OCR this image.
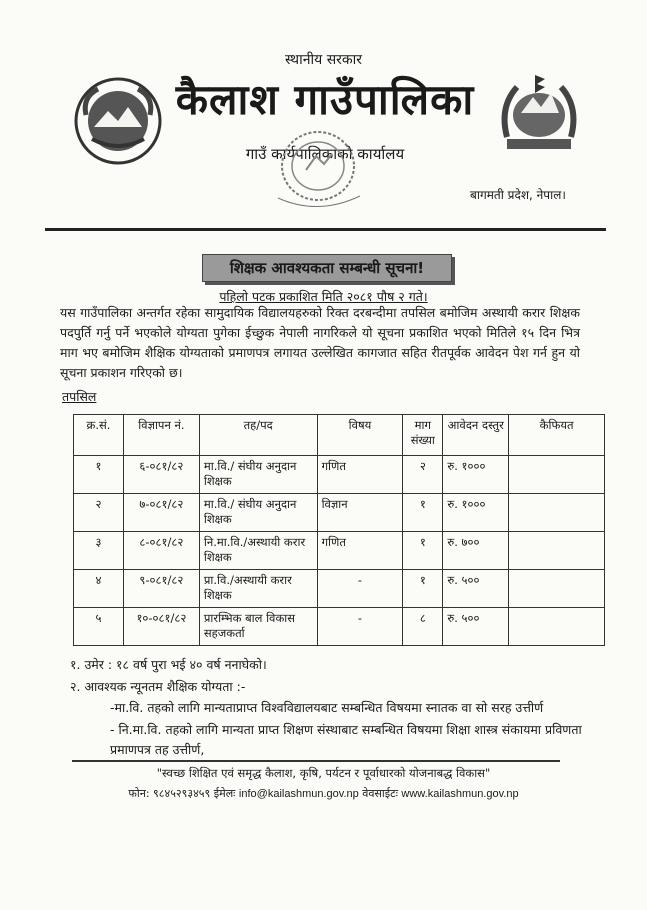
स्थानीय सरकार
कैलाश गाउँपालिका
गाउँ कार्यपालिकाको कार्यालय
बागमती प्रदेश, नेपाल।
शिक्षक आवश्यकता सम्बन्धी सूचना!
पहिलो पटक प्रकाशित मिति २०८१ पौष २ गते।
यस गाउँपालिका अन्तर्गत रहेका सामुदायिक विद्यालयहरुको रिक्त दरबन्दीमा तपसिल बमोजिम अस्थायी करार शिक्षक पदपुर्ति गर्नु पर्ने भएकोले योग्यता पुगेका ईच्छुक नेपाली नागरिकले यो सूचना प्रकाशित भएको मितिले १५ दिन भित्र माग भए बमोजिम शैक्षिक योग्यताको प्रमाणपत्र लगायत उल्लेखित कागजात सहित रीतपूर्वक आवेदन पेश गर्न हुन यो सूचना प्रकाशन गरिएको छ।
तपसिल
क्र.सं.	विज्ञापन नं.	तह/पद	विषय	माग संख्या	आवेदन दस्तुर	कैफियत
१	६-०८१/८२	मा.वि./ संघीय अनुदान शिक्षक	गणित	२	रु. १०००	
२	७-०८१/८२	मा.वि./ संघीय अनुदान शिक्षक	विज्ञान	१	रु. १०००	
३	८-०८१/८२	नि.मा.वि./अस्थायी करार शिक्षक	गणित	१	रु. ७००	
४	९-०८१/८२	प्रा.वि./अस्थायी करार शिक्षक	-	१	रु. ५००	
५	१०-०८१/८२	प्रारम्भिक बाल विकास सहजकर्ता	-	८	रु. ५००	
१. उमेर : १८ वर्ष पुरा भई ४० वर्ष ननाघेको।
२. आवश्यक न्यूनतम शैक्षिक योग्यता :-
-मा.वि. तहको लागि मान्यताप्राप्त विश्वविद्यालयबाट सम्बन्धित विषयमा स्नातक वा सो सरह उत्तीर्ण
- नि.मा.वि. तहको लागि मान्यता प्राप्त शिक्षण संस्थाबाट सम्बन्धित विषयमा शिक्षा शास्त्र संकायमा प्रविणता प्रमाणपत्र तह उत्तीर्ण,
"स्वच्छ शिक्षित एवं समृद्ध कैलाश, कृषि, पर्यटन र पूर्वाधारको योजनाबद्ध विकास"
फोन: ९८४५२९३४५९ ईमेलः info@kailashmun.gov.np वेवसाईटः www.kailashmun.gov.np
